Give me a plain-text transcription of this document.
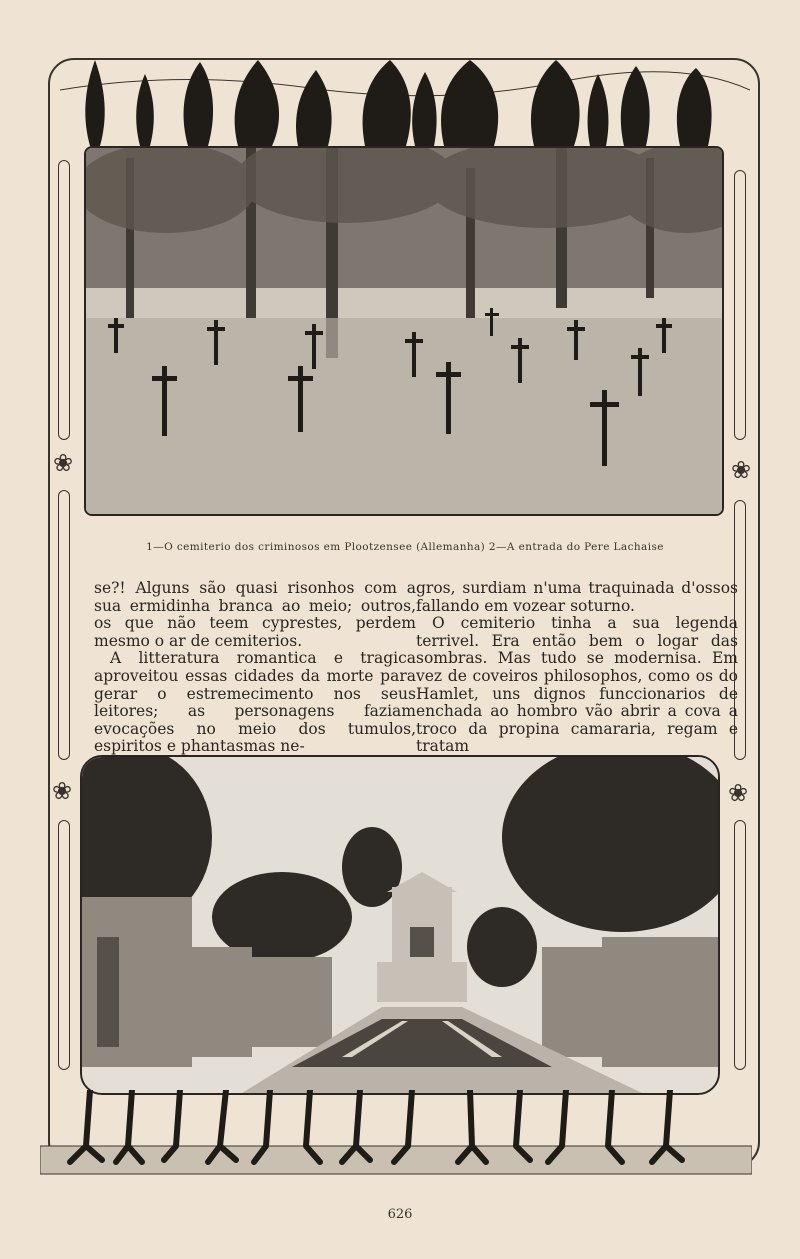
❀	❀
❀	❀
1—O cemiterio dos criminosos em Plootzensee (Allemanha) 2—A entrada do Pere Lachaise

se?! Alguns são quasi risonhos com a sua ermidinha branca ao meio; outros, os que não teem cyprestes, perdem mesmo o ar de cemiterios.

A litteratura romantica e tragica aproveitou essas cidades da morte para gerar o estremecimento nos seus leitores; as personagens faziam evocações no meio dos tumulos, espiritos e phantasmas ne-

gros, surdiam n'uma traquinada d'ossos fallando em vozear soturno.

O cemiterio tinha a sua legenda terrivel. Era então bem o logar das sombras. Mas tudo se modernisa. Em vez de coveiros philosophos, como os do Hamlet, uns dignos funccionarios de enchada ao hombro vão abrir a cova a troco da propina camararia, regam e tratam

626
